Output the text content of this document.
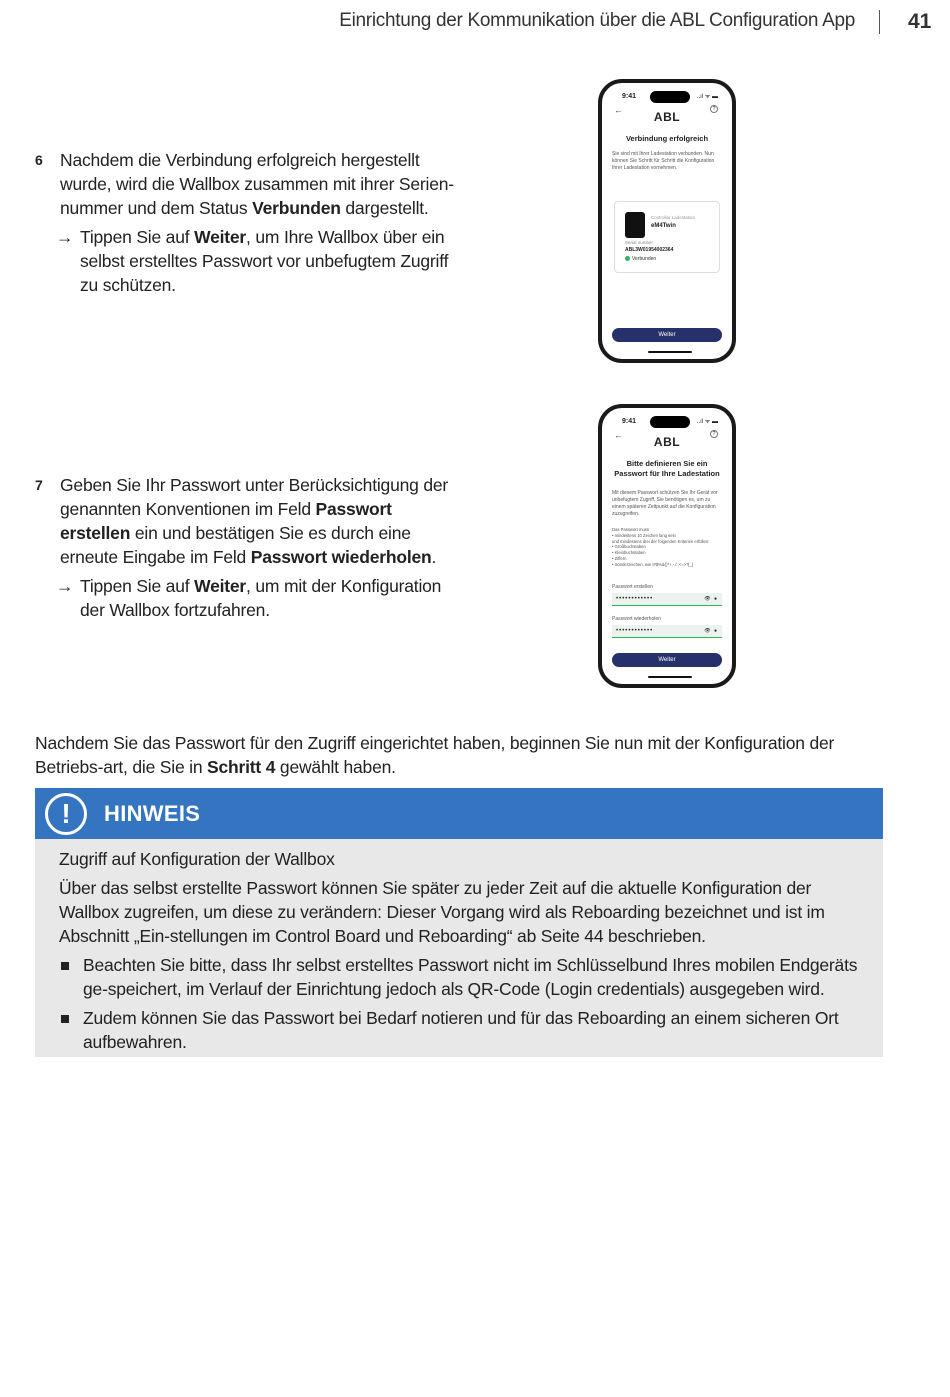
Einrichtung der Kommunikation über die ABL Configuration App	41
6 Nachdem die Verbindung erfolgreich hergestellt wurde, wird die Wallbox zusammen mit ihrer Serien-nummer und dem Status Verbunden dargestellt.
→ Tippen Sie auf Weiter, um Ihre Wallbox über ein selbst erstelltes Passwort vor unbefugtem Zugriff zu schützen.
9:41	..ıl ᯤ ▬
←	?
ABL
Verbindung erfolgreich
Sie sind mit Ihrer Ladestation verbunden. Nun können Sie Schritt für Schritt die Konfiguration Ihrer Ladestation vornehmen.
Controller Ladestation
eM4Twin
Serial number
ABL3W01954002364
Verbunden
Weiter
7 Geben Sie Ihr Passwort unter Berücksichtigung der genannten Konventionen im Feld Passwort erstellen ein und bestätigen Sie es durch eine erneute Eingabe im Feld Passwort wiederholen.
→ Tippen Sie auf Weiter, um mit der Konfiguration der Wallbox fortzufahren.
9:41	..ıl ᯤ ▬
←	?
ABL
Bitte definieren Sie ein Passwort für Ihre Ladestation
Mit diesem Passwort schützen Sie Ihr Gerät vor unbefugtem Zugriff. Sie benötigen es, um zu einem späteren Zeitpunkt auf die Konfiguration zuzugreifen.
Das Passwort muss
• mindestens 10 Zeichen lang sein
und mindestens drei der folgenden Kriterien erfüllen:
• Großbuchstaben
• Kleinbuchstaben
• Ziffern
• Sonderzeichen, wie !#$%&()*+,-./:;<=>?[_]
Passwort erstellen
••••••••••••	👁 ●
Passwort wiederholen
••••••••••••	👁 ●
Weiter
Nachdem Sie das Passwort für den Zugriff eingerichtet haben, beginnen Sie nun mit der Konfiguration der Betriebs-art, die Sie in Schritt 4 gewählt haben.
!	HINWEIS
Zugriff auf Konfiguration der Wallbox
Über das selbst erstellte Passwort können Sie später zu jeder Zeit auf die aktuelle Konfiguration der Wallbox zugreifen, um diese zu verändern: Dieser Vorgang wird als Reboarding bezeichnet und ist im Abschnitt „Ein-stellungen im Control Board und Reboarding“ ab Seite 44 beschrieben.
Beachten Sie bitte, dass Ihr selbst erstelltes Passwort nicht im Schlüsselbund Ihres mobilen Endgeräts ge-speichert, im Verlauf der Einrichtung jedoch als QR-Code (Login credentials) ausgegeben wird.
Zudem können Sie das Passwort bei Bedarf notieren und für das Reboarding an einem sicheren Ort aufbewahren.
